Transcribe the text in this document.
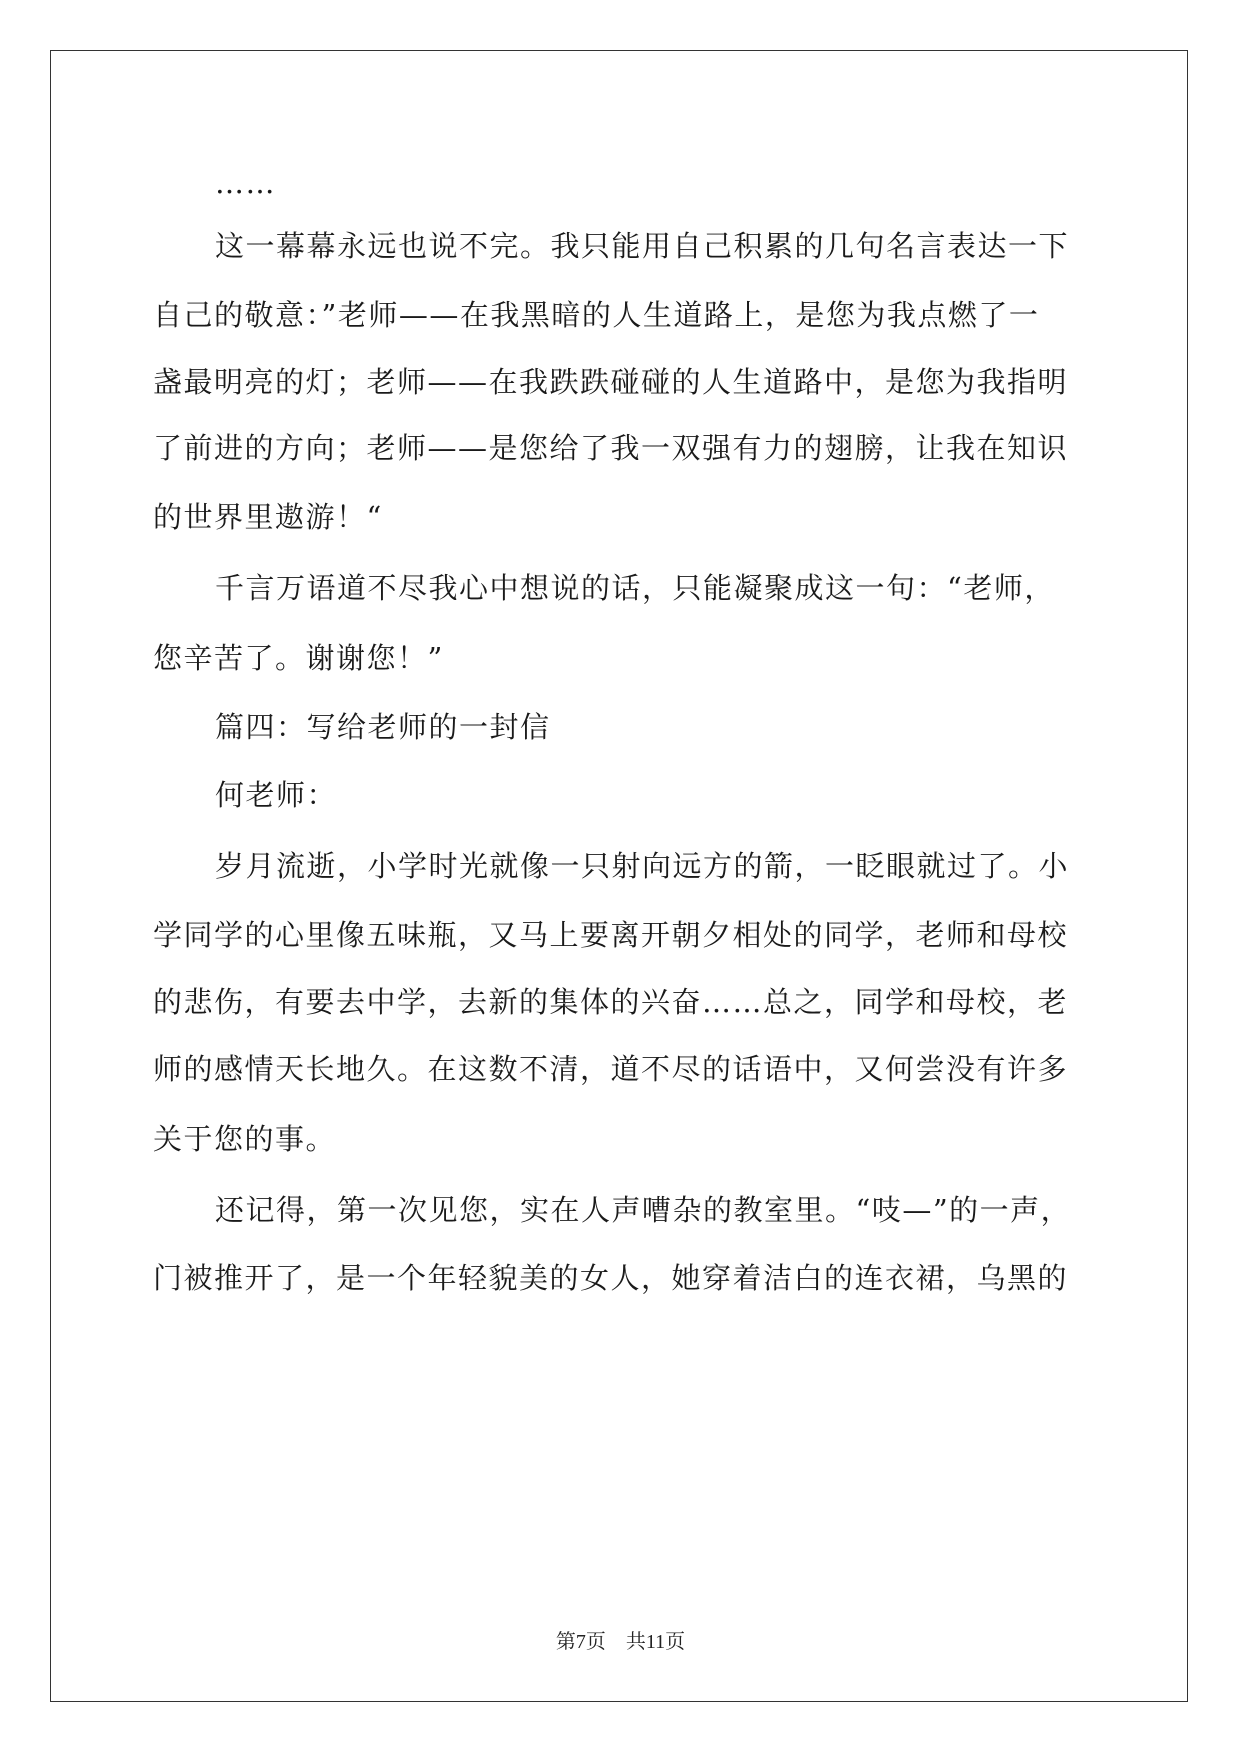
……
这一幕幕永远也说不完。我只能用自己积累的几句名言表达一下
自己的敬意：”老师——在我黑暗的人生道路上，是您为我点燃了一
盏最明亮的灯；老师——在我跌跌碰碰的人生道路中，是您为我指明
了前进的方向；老师——是您给了我一双强有力的翅膀，让我在知识
的世界里遨游！“
千言万语道不尽我心中想说的话，只能凝聚成这一句：“老师，
您辛苦了。谢谢您！”
篇四：写给老师的一封信
何老师：
岁月流逝，小学时光就像一只射向远方的箭，一眨眼就过了。小
学同学的心里像五味瓶，又马上要离开朝夕相处的同学，老师和母校
的悲伤，有要去中学，去新的集体的兴奋……总之，同学和母校，老
师的感情天长地久。在这数不清，道不尽的话语中，又何尝没有许多
关于您的事。
还记得，第一次见您，实在人声嘈杂的教室里。“吱—”的一声，
门被推开了，是一个年轻貌美的女人，她穿着洁白的连衣裙，乌黑的
第7页　共11页
